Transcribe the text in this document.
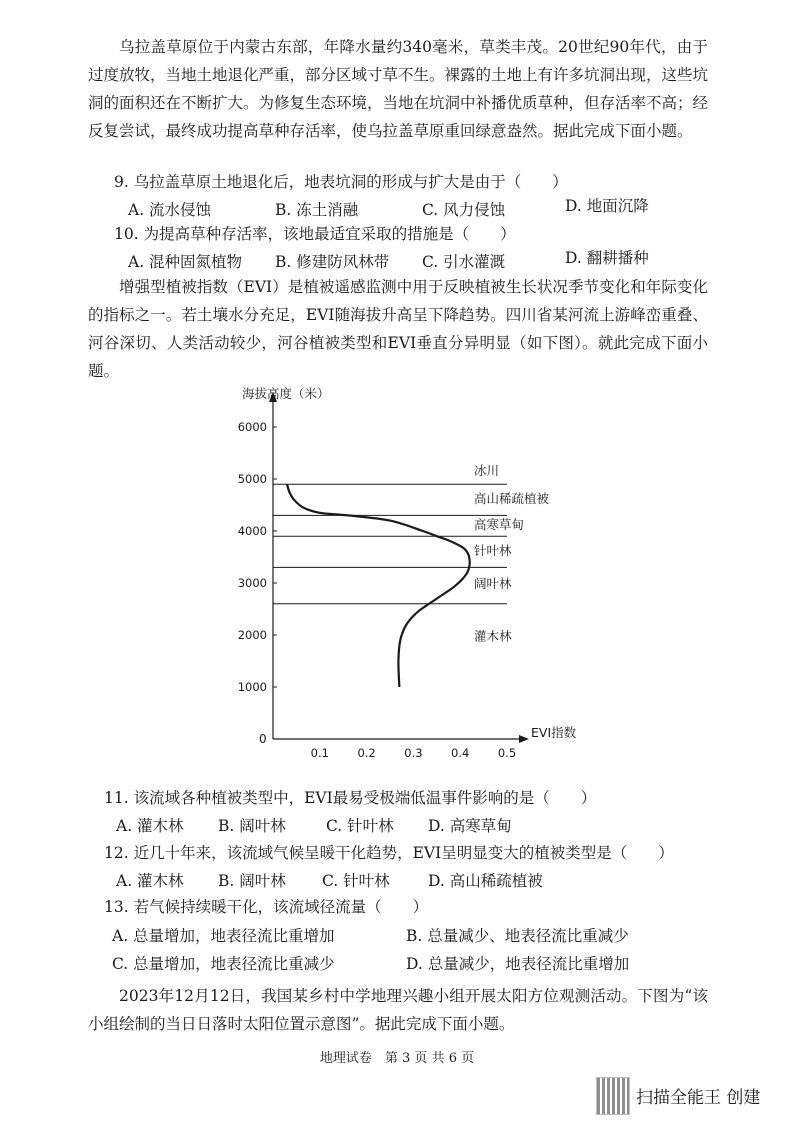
乌拉盖草原位于内蒙古东部，年降水量约340毫米，草类丰茂。20世纪90年代，由于过度放牧，当地土地退化严重，部分区域寸草不生。裸露的土地上有许多坑洞出现，这些坑洞的面积还在不断扩大。为修复生态环境，当地在坑洞中补播优质草种，但存活率不高；经反复尝试，最终成功提高草种存活率，使乌拉盖草原重回绿意盎然。据此完成下面小题。
9. 乌拉盖草原土地退化后，地表坑洞的形成与扩大是由于（　　）
A. 流水侵蚀	B. 冻土消融	C. 风力侵蚀	D. 地面沉降
10. 为提高草种存活率，该地最适宜采取的措施是（　　）
A. 混种固氮植物 B. 修建防风林带 C. 引水灌溉	D. 翻耕播种
增强型植被指数（EVI）是植被遥感监测中用于反映植被生长状况季节变化和年际变化的指标之一。若土壤水分充足，EVI随海拔升高呈下降趋势。四川省某河流上游峰峦重叠、河谷深切、人类活动较少，河谷植被类型和EVI垂直分异明显（如下图）。就此完成下面小题。
海拔高度（米）
EVI指数
0
1000
2000
3000
4000
5000
6000
0.1 0.2 0.3 0.4 0.5
冰川
高山稀疏植被
高寒草甸
针叶林
阔叶林
灌木林
11. 该流域各种植被类型中，EVI最易受极端低温事件影响的是（　　）
A. 灌木林 B. 阔叶林	C. 针叶林 D. 高寒草甸
12. 近几十年来，该流域气候呈暖干化趋势，EVI呈明显变大的植被类型是（　　）
A. 灌木林 B. 阔叶林 C. 针叶林 D. 高山稀疏植被
13. 若气候持续暖干化，该流域径流量（　　）
A. 总量增加，地表径流比重增加	B. 总量减少、地表径流比重减少
C. 总量增加，地表径流比重减少	D. 总量减少，地表径流比重增加
2023年12月12日，我国某乡村中学地理兴趣小组开展太阳方位观测活动。下图为“该小组绘制的当日日落时太阳位置示意图”。据此完成下面小题。
地理试卷　第 3 页 共 6 页
扫描全能王 创建
